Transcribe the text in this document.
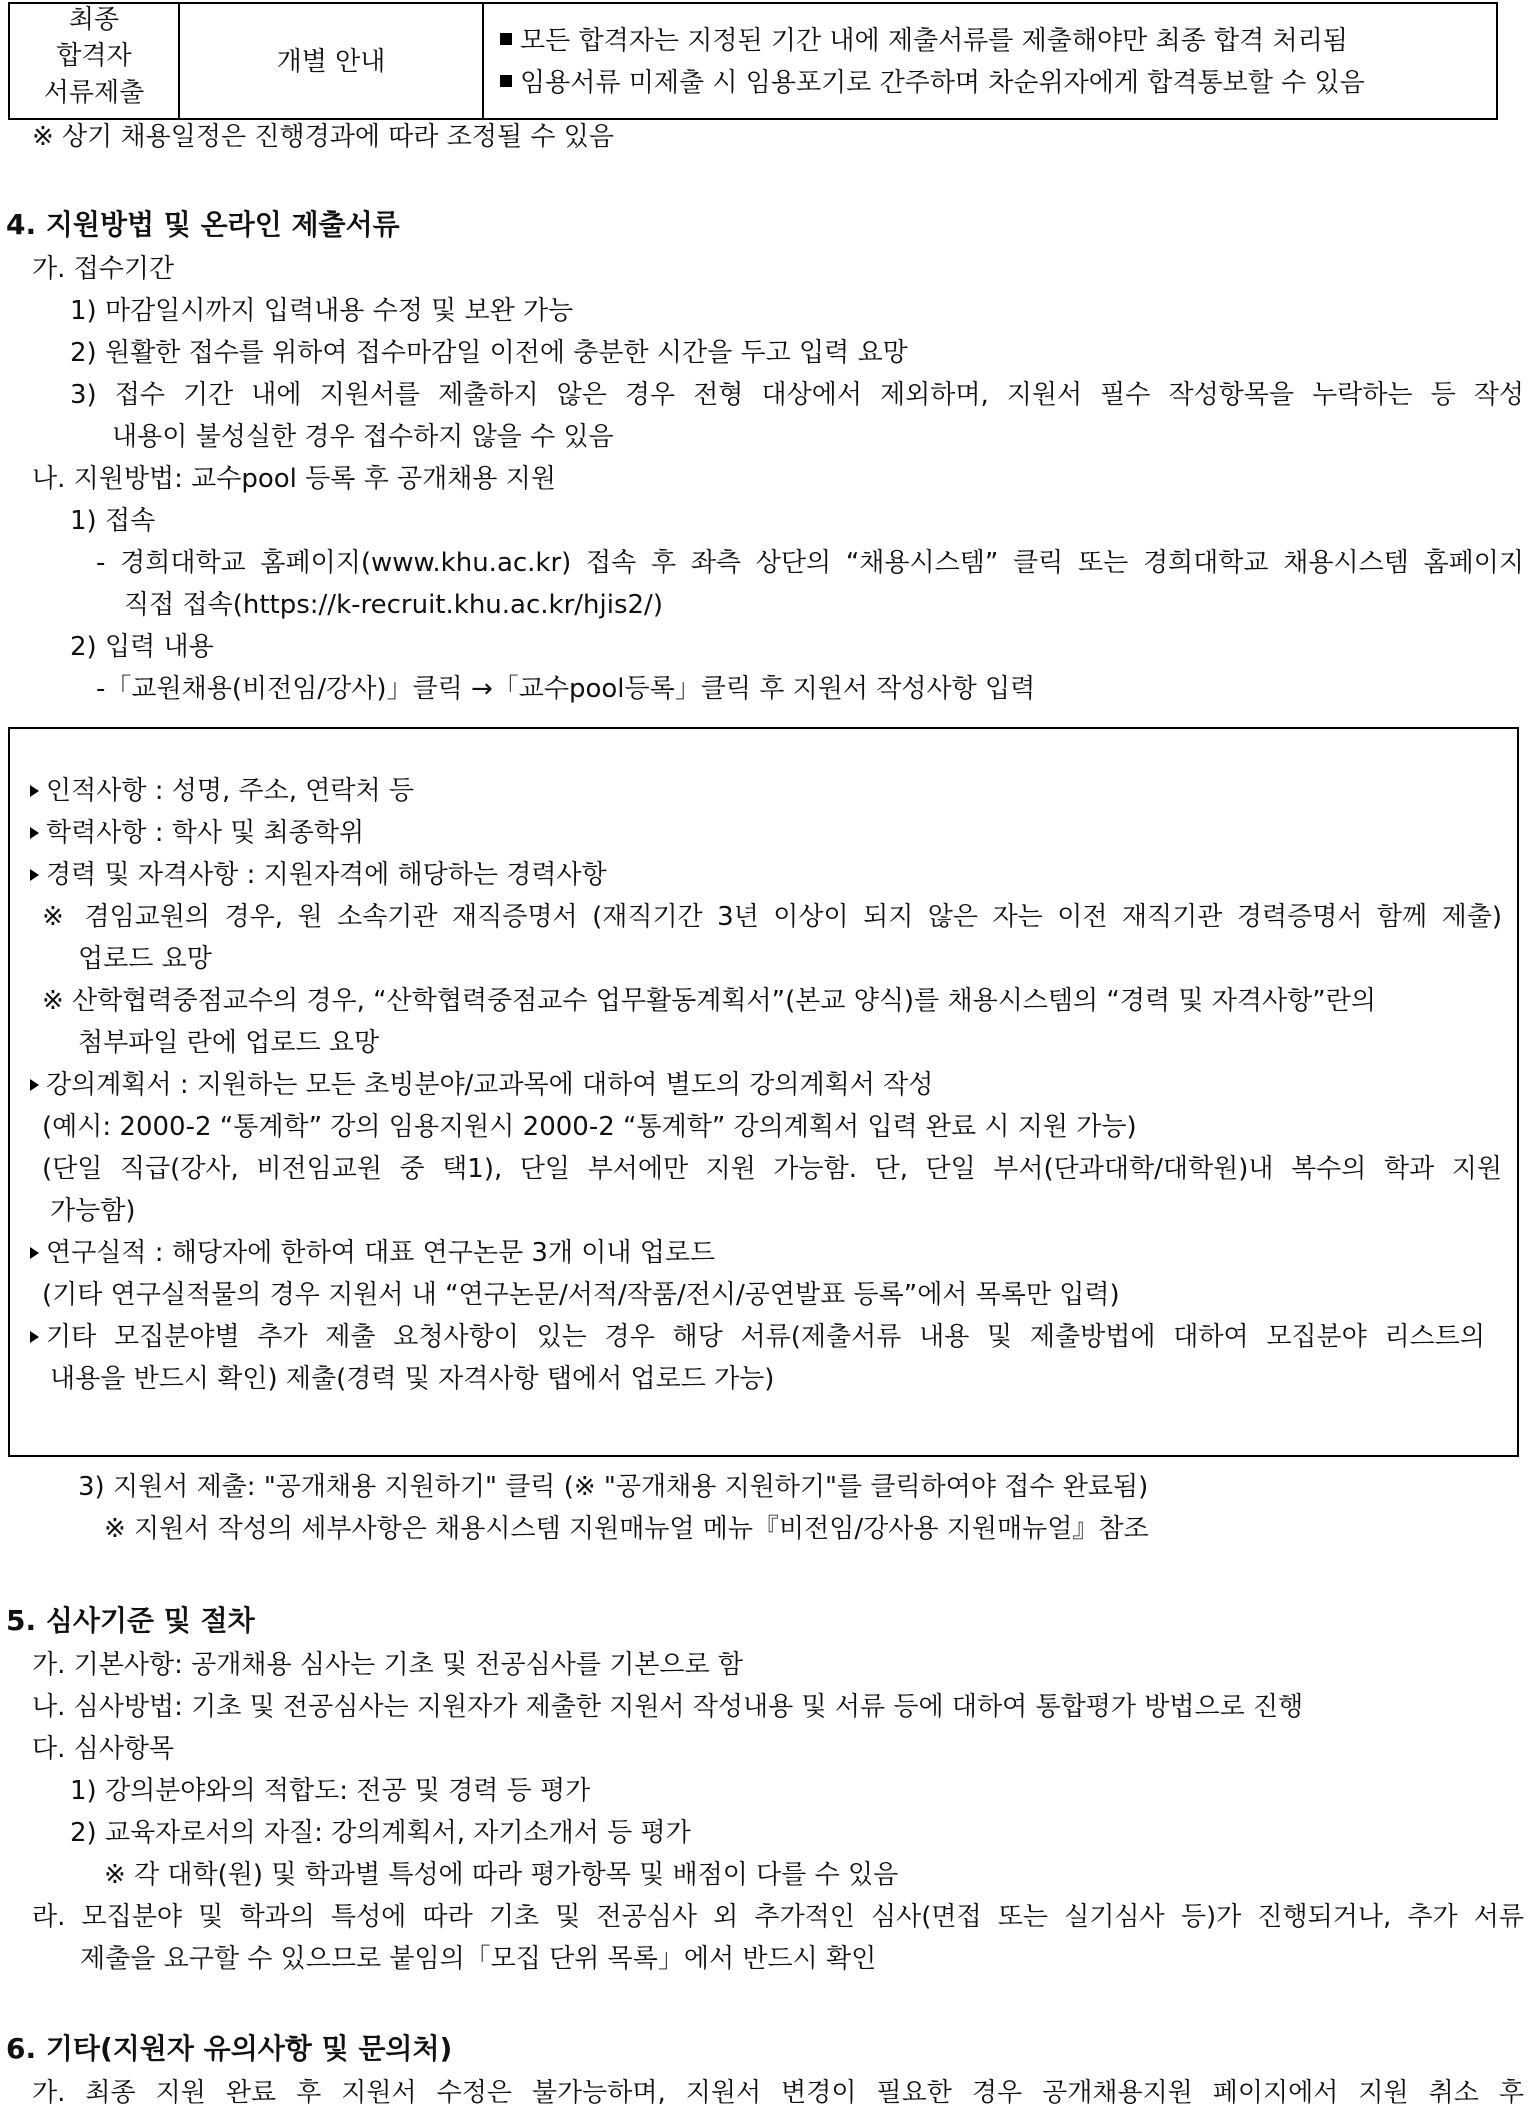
최종
합격자
서류제출
개별 안내
모든 합격자는 지정된 기간 내에 제출서류를 제출해야만 최종 합격 처리됨
임용서류 미제출 시 임용포기로 간주하며 차순위자에게 합격통보할 수 있음
※ 상기 채용일정은 진행경과에 따라 조정될 수 있음
4. 지원방법 및 온라인 제출서류
가. 접수기간
1) 마감일시까지 입력내용 수정 및 보완 가능
2) 원활한 접수를 위하여 접수마감일 이전에 충분한 시간을 두고 입력 요망
3) 접수 기간 내에 지원서를 제출하지 않은 경우 전형 대상에서 제외하며, 지원서 필수 작성항목을 누락하는 등 작성
내용이 불성실한 경우 접수하지 않을 수 있음
나. 지원방법: 교수pool 등록 후 공개채용 지원
1) 접속
- 경희대학교 홈페이지(www.khu.ac.kr) 접속 후 좌측 상단의 “채용시스템” 클릭 또는 경희대학교 채용시스템 홈페이지
직접 접속(https://k-recruit.khu.ac.kr/hjis2/)
2) 입력 내용
-「교원채용(비전임/강사)」클릭 →「교수pool등록」클릭 후 지원서 작성사항 입력
인적사항 : 성명, 주소, 연락처 등
학력사항 : 학사 및 최종학위
경력 및 자격사항 : 지원자격에 해당하는 경력사항
※ 겸임교원의 경우, 원 소속기관 재직증명서 (재직기간 3년 이상이 되지 않은 자는 이전 재직기관 경력증명서 함께 제출)
업로드 요망
※ 산학협력중점교수의 경우, “산학협력중점교수 업무활동계획서”(본교 양식)를 채용시스템의 “경력 및 자격사항”란의
첨부파일 란에 업로드 요망
강의계획서 : 지원하는 모든 초빙분야/교과목에 대하여 별도의 강의계획서 작성
(예시: 2000-2 “통계학” 강의 임용지원시 2000-2 “통계학” 강의계획서 입력 완료 시 지원 가능)
(단일 직급(강사, 비전임교원 중 택1), 단일 부서에만 지원 가능함. 단, 단일 부서(단과대학/대학원)내 복수의 학과 지원
가능함)
연구실적 : 해당자에 한하여 대표 연구논문 3개 이내 업로드
(기타 연구실적물의 경우 지원서 내 “연구논문/서적/작품/전시/공연발표 등록”에서 목록만 입력)
기타 모집분야별 추가 제출 요청사항이 있는 경우 해당 서류(제출서류 내용 및 제출방법에 대하여 모집분야 리스트의
내용을 반드시 확인) 제출(경력 및 자격사항 탭에서 업로드 가능)
3) 지원서 제출: "공개채용 지원하기" 클릭 (※ "공개채용 지원하기"를 클릭하여야 접수 완료됨)
※ 지원서 작성의 세부사항은 채용시스템 지원매뉴얼 메뉴『비전임/강사용 지원매뉴얼』참조
5. 심사기준 및 절차
가. 기본사항: 공개채용 심사는 기초 및 전공심사를 기본으로 함
나. 심사방법: 기초 및 전공심사는 지원자가 제출한 지원서 작성내용 및 서류 등에 대하여 통합평가 방법으로 진행
다. 심사항목
1) 강의분야와의 적합도: 전공 및 경력 등 평가
2) 교육자로서의 자질: 강의계획서, 자기소개서 등 평가
※ 각 대학(원) 및 학과별 특성에 따라 평가항목 및 배점이 다를 수 있음
라. 모집분야 및 학과의 특성에 따라 기초 및 전공심사 외 추가적인 심사(면접 또는 실기심사 등)가 진행되거나, 추가 서류
제출을 요구할 수 있으므로 붙임의「모집 단위 목록」에서 반드시 확인
6. 기타(지원자 유의사항 및 문의처)
가. 최종 지원 완료 후 지원서 수정은 불가능하며, 지원서 변경이 필요한 경우 공개채용지원 페이지에서 지원 취소 후
